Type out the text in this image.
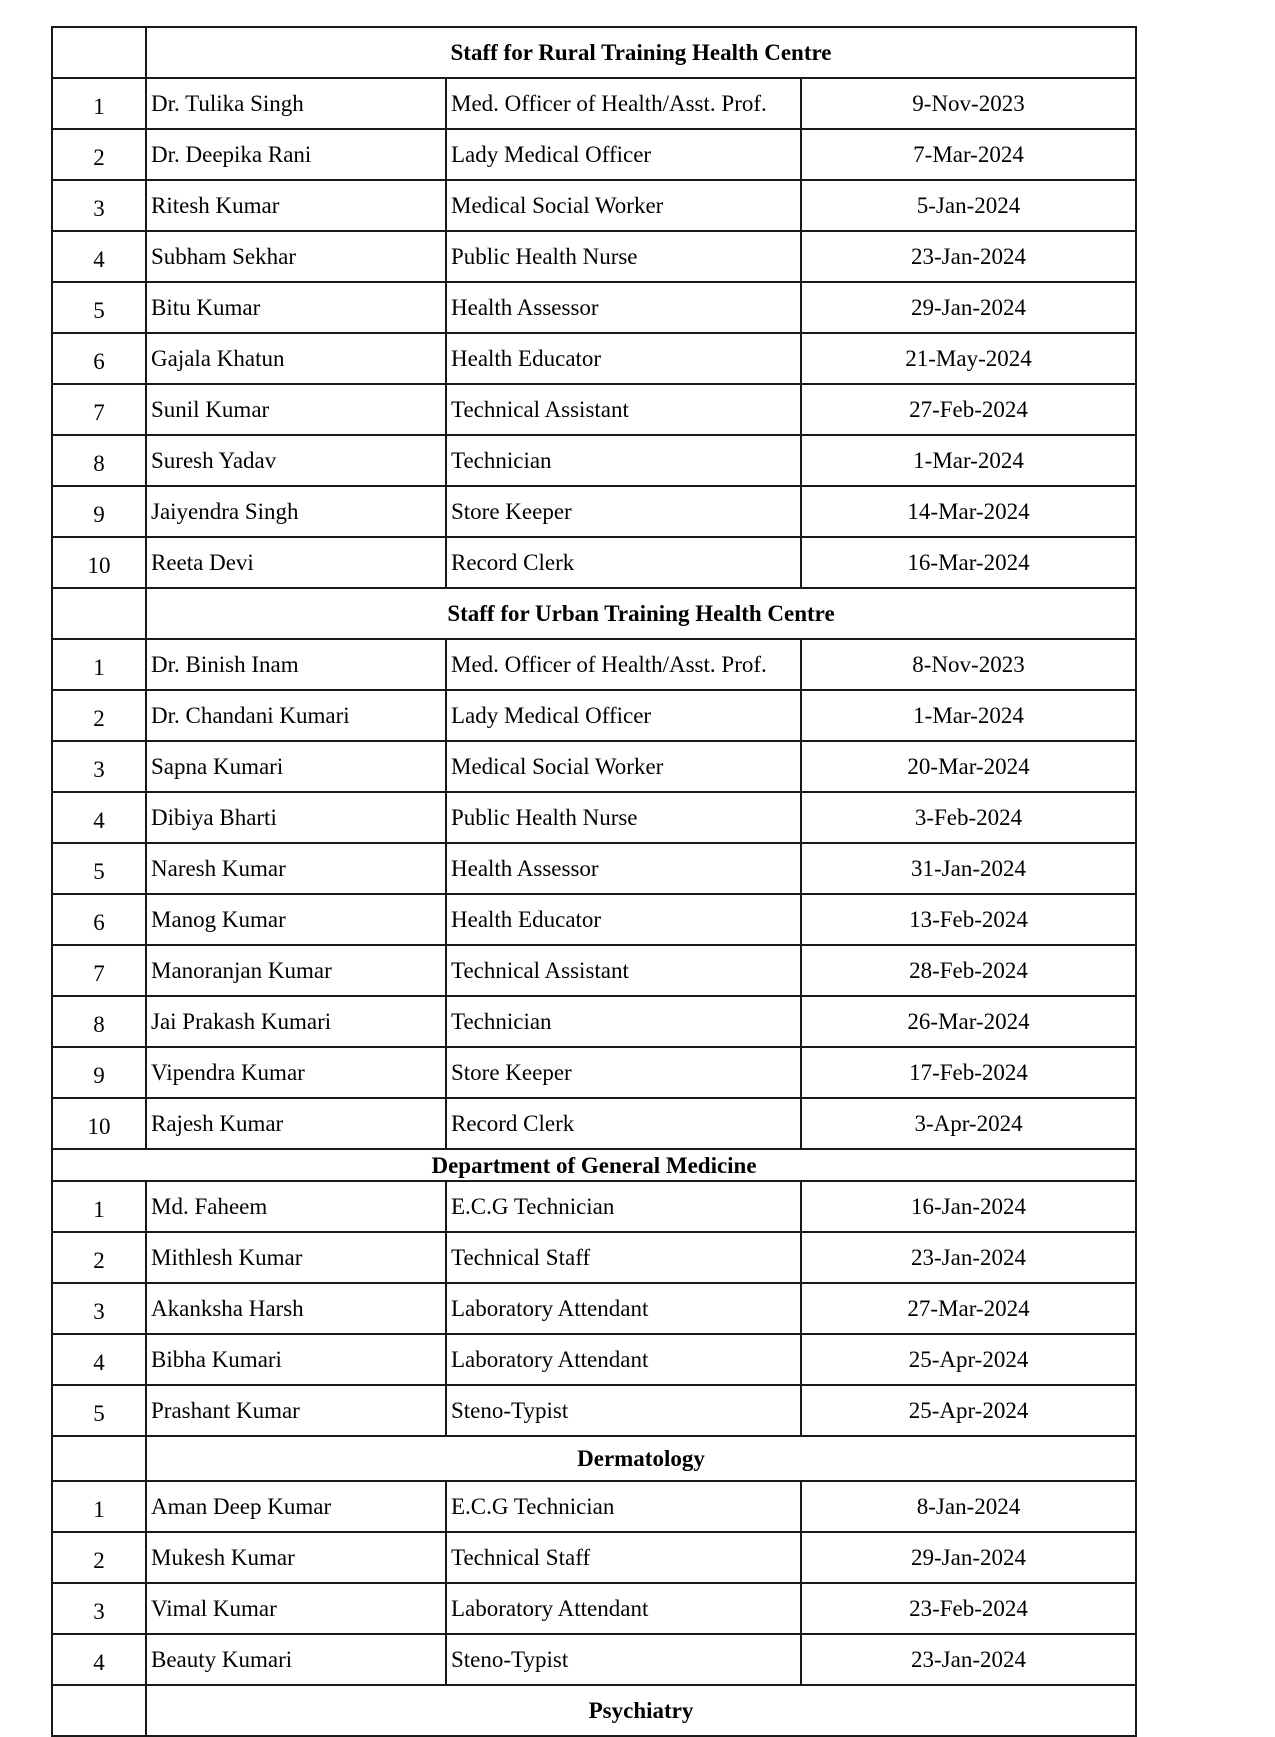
	Staff for Rural Training Health Centre		
1	Dr. Tulika Singh	Med. Officer of Health/Asst. Prof.	9-Nov-2023
2	Dr. Deepika Rani	Lady Medical Officer	7-Mar-2024
3	Ritesh Kumar	Medical Social Worker	5-Jan-2024
4	Subham Sekhar	Public Health Nurse	23-Jan-2024
5	Bitu Kumar	Health Assessor	29-Jan-2024
6	Gajala Khatun	Health Educator	21-May-2024
7	Sunil Kumar	Technical Assistant	27-Feb-2024
8	Suresh Yadav	Technician	1-Mar-2024
9	Jaiyendra Singh	Store Keeper	14-Mar-2024
10	Reeta Devi	Record Clerk	16-Mar-2024
	Staff for Urban Training Health Centre		
1	Dr. Binish Inam	Med. Officer of Health/Asst. Prof.	8-Nov-2023
2	Dr. Chandani Kumari	Lady Medical Officer	1-Mar-2024
3	Sapna Kumari	Medical Social Worker	20-Mar-2024
4	Dibiya Bharti	Public Health Nurse	3-Feb-2024
5	Naresh Kumar	Health Assessor	31-Jan-2024
6	Manog Kumar	Health Educator	13-Feb-2024
7	Manoranjan Kumar	Technical Assistant	28-Feb-2024
8	Jai Prakash Kumari	Technician	26-Mar-2024
9	Vipendra Kumar	Store Keeper	17-Feb-2024
10	Rajesh Kumar	Record Clerk	3-Apr-2024
Department of General Medicine			
1	Md. Faheem	E.C.G Technician	16-Jan-2024
2	Mithlesh Kumar	Technical Staff	23-Jan-2024
3	Akanksha Harsh	Laboratory Attendant	27-Mar-2024
4	Bibha Kumari	Laboratory Attendant	25-Apr-2024
5	Prashant Kumar	Steno-Typist	25-Apr-2024
	Dermatology		
1	Aman Deep Kumar	E.C.G Technician	8-Jan-2024
2	Mukesh Kumar	Technical Staff	29-Jan-2024
3	Vimal Kumar	Laboratory Attendant	23-Feb-2024
4	Beauty Kumari	Steno-Typist	23-Jan-2024
	Psychiatry		
